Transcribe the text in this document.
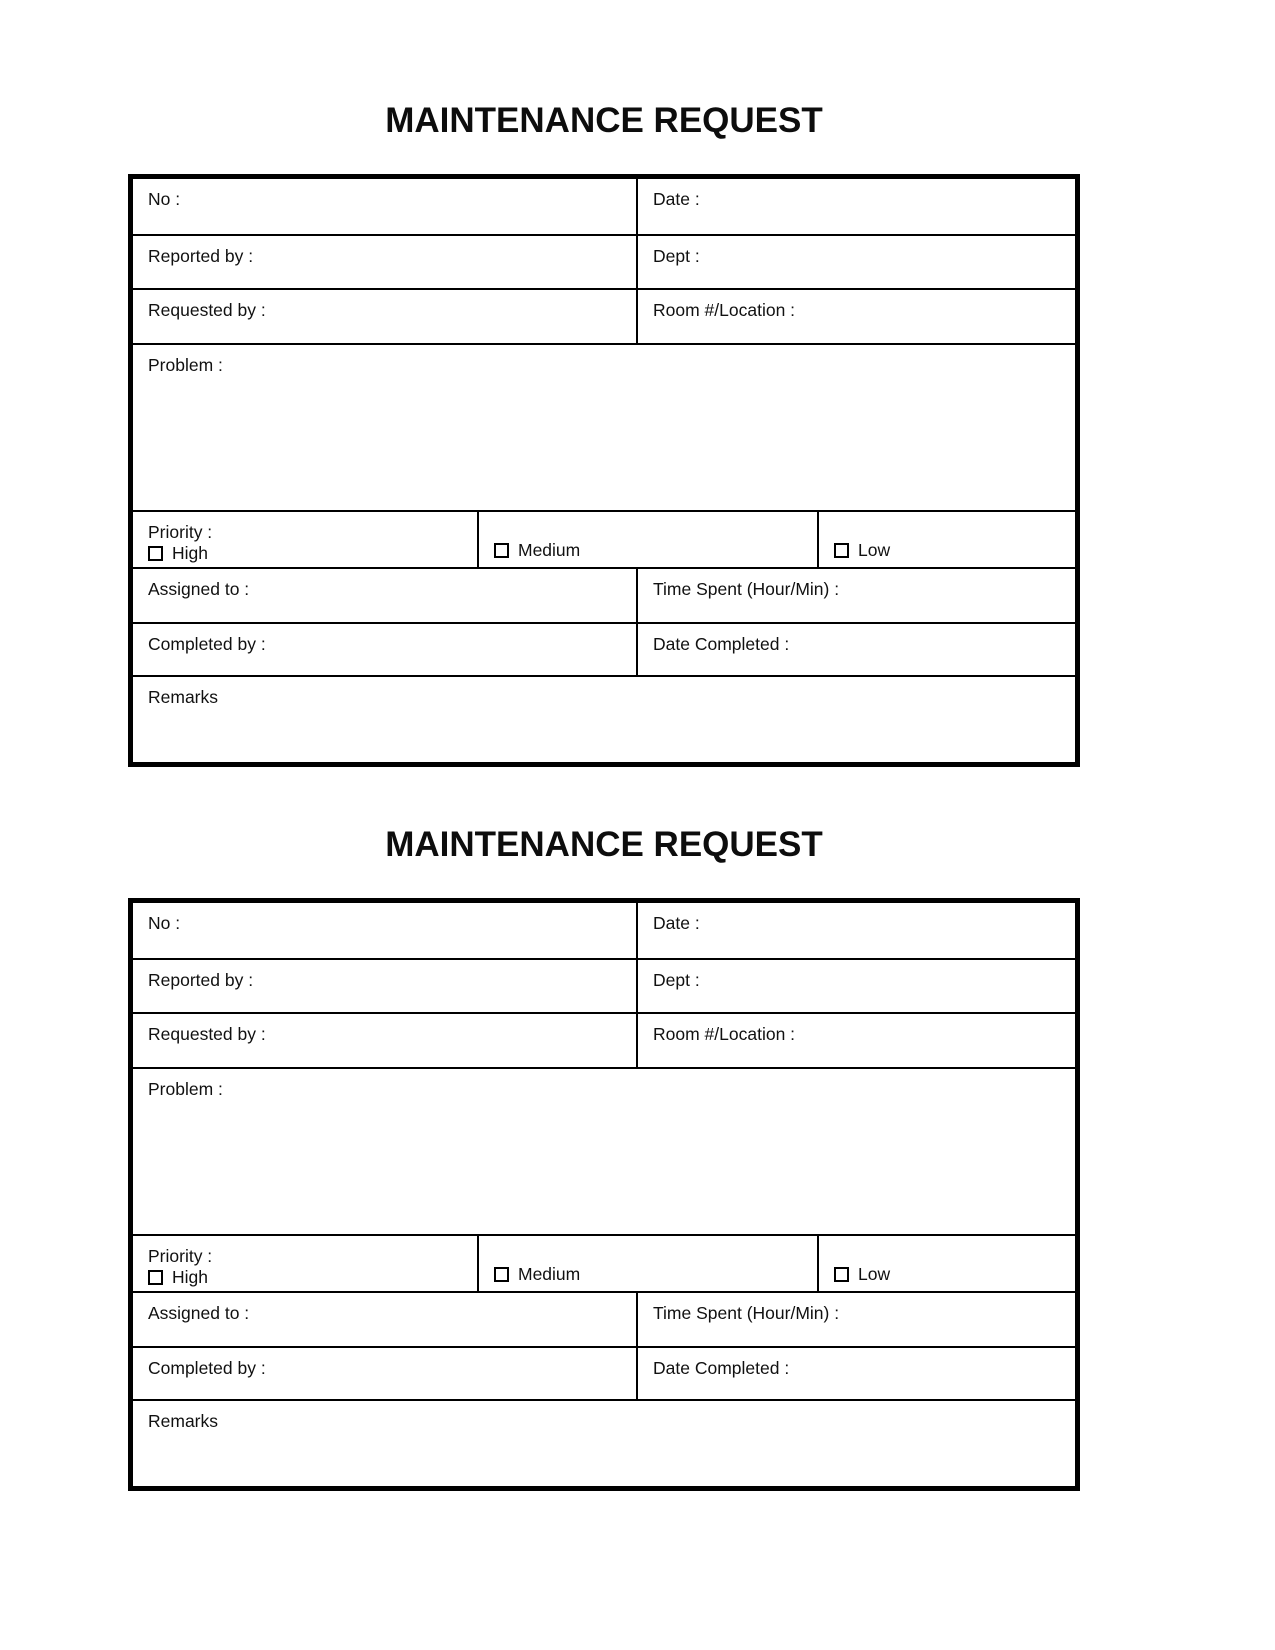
MAINTENANCE REQUEST
No :	Date :
Reported by :	Dept :
Requested by :	Room #/Location :
Problem :
Priority :
High	Medium	Low
Assigned to :	Time Spent (Hour/Min) :
Completed by :	Date Completed :
Remarks
MAINTENANCE REQUEST
No :	Date :
Reported by :	Dept :
Requested by :	Room #/Location :
Problem :
Priority :
High	Medium	Low
Assigned to :	Time Spent (Hour/Min) :
Completed by :	Date Completed :
Remarks
